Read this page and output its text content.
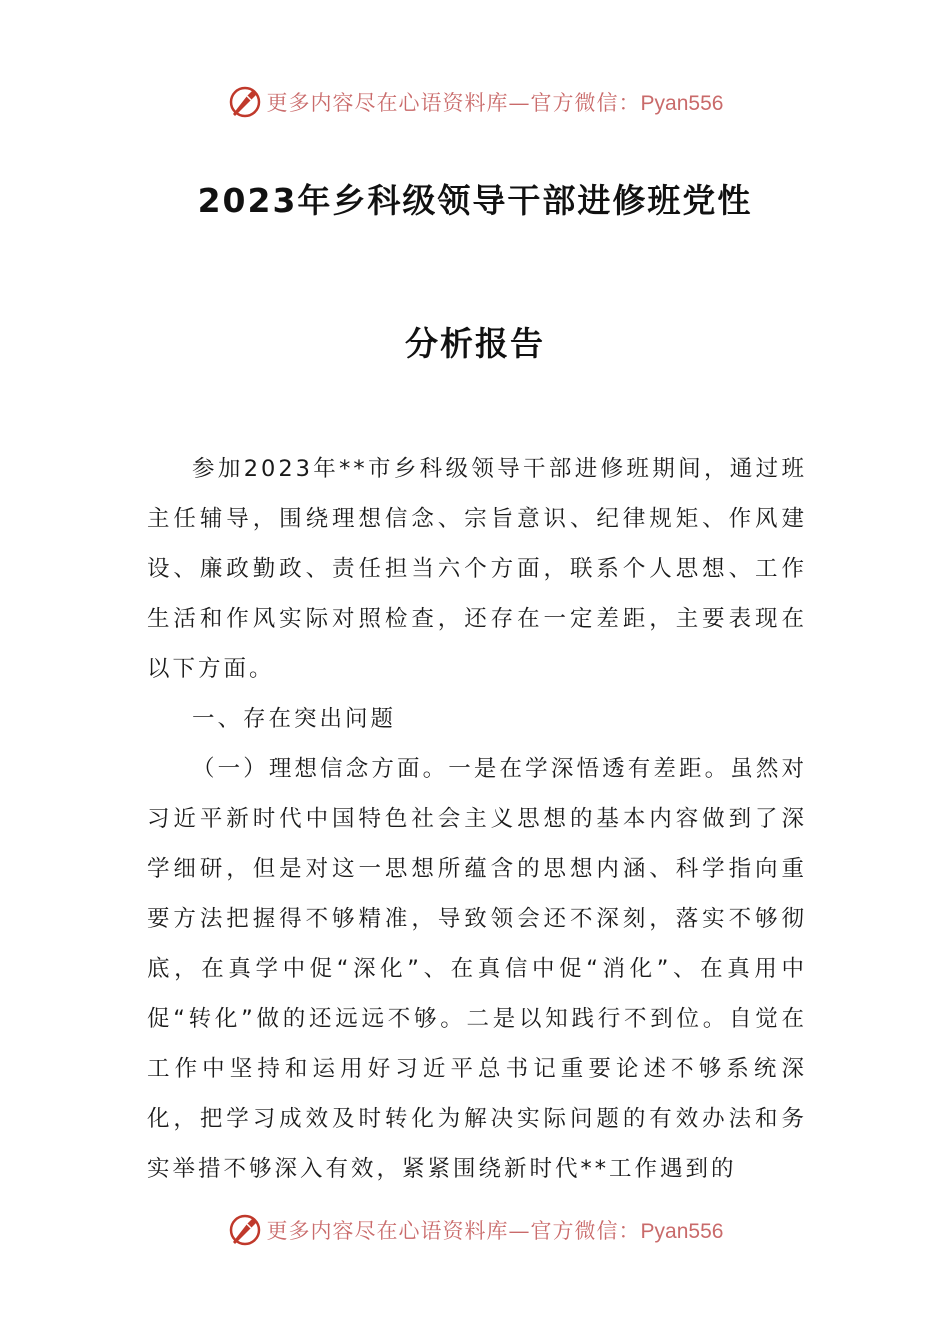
更多内容尽在心语资料库—官方微信：Pyan556
2023年乡科级领导干部进修班党性
分析报告

参加2023年**市乡科级领导干部进修班期间，通过班主任辅导，围绕理想信念、宗旨意识、纪律规矩、作风建设、廉政勤政、责任担当六个方面，联系个人思想、工作生活和作风实际对照检查，还存在一定差距，主要表现在以下方面。

一、存在突出问题

（一）理想信念方面。一是在学深悟透有差距。虽然对习近平新时代中国特色社会主义思想的基本内容做到了深学细研，但是对这一思想所蕴含的思想内涵、科学指向重要方法把握得不够精准，导致领会还不深刻，落实不够彻底，在真学中促“深化”、在真信中促“消化”、在真用中促“转化”做的还远远不够。二是以知践行不到位。自觉在工作中坚持和运用好习近平总书记重要论述不够系统深化，把学习成效及时转化为解决实际问题的有效办法和务实举措不够深入有效，紧紧围绕新时代**工作遇到的

更多内容尽在心语资料库—官方微信：Pyan556
